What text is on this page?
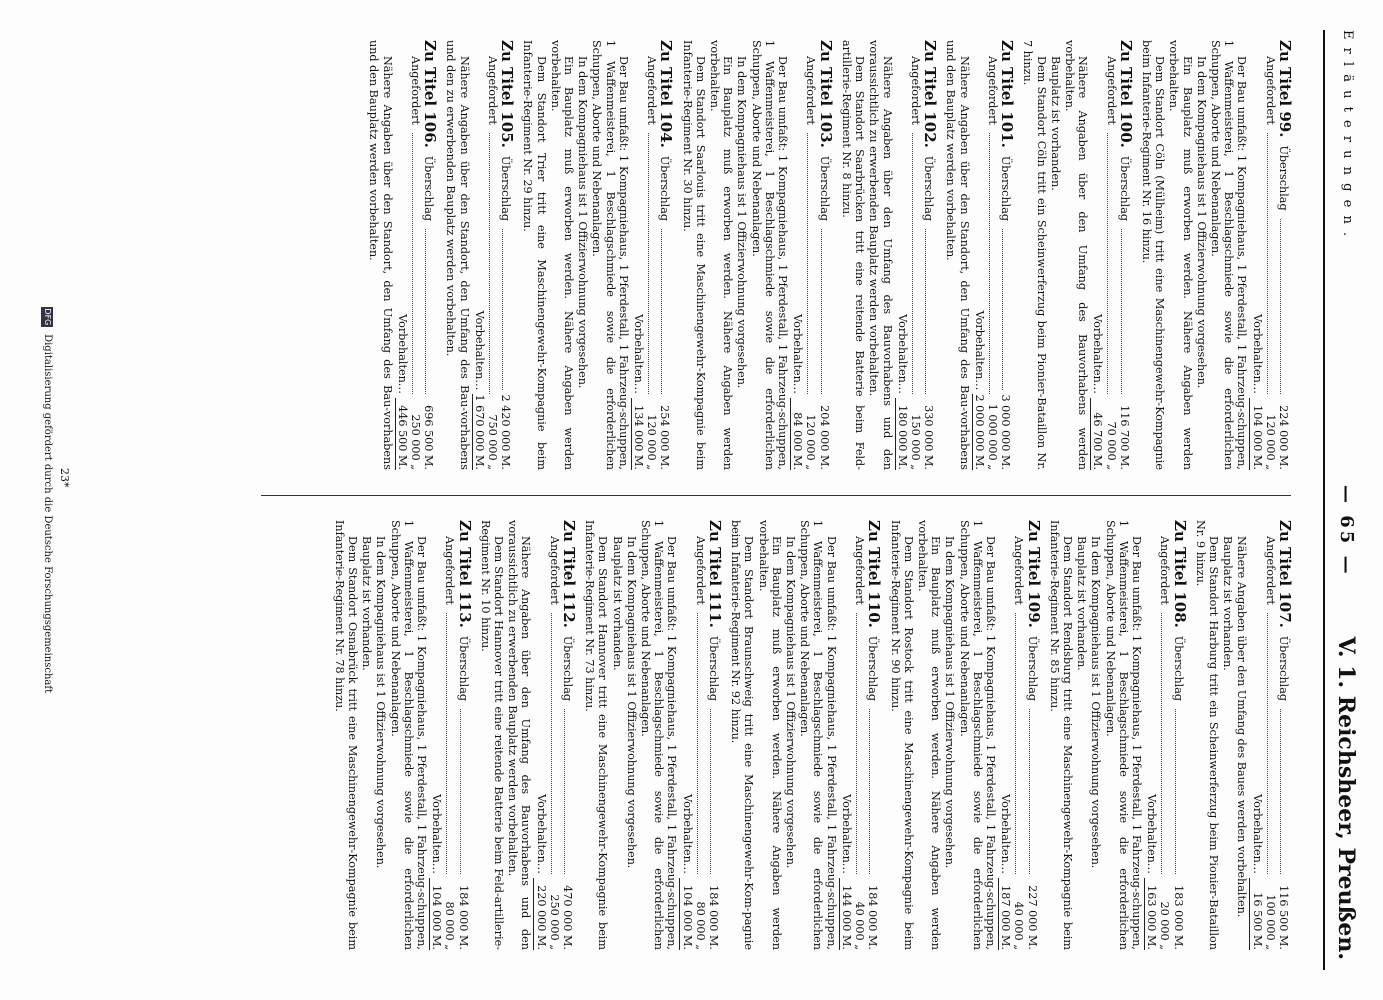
E r l ä u t e r u n g e n .
— 65 —
V. 1. Reichsheer, Preußen.
Zu Titel 99.
Überschlag
224 000 M.
Angefordert
120 000 „
Vorbehalten…
104 000 M.
Der Bau umfaßt: 1 Kompagniehaus, 1 Pferdestall, 1 Fahrzeug-schuppen, 1 Waffenmeisterei, 1 Beschlagschmiede sowie die erforderlichen Schuppen, Aborte und Nebenanlagen.
In dem Kompagniehaus ist 1 Offizierwohnung vorgesehen.
Ein Bauplatz muß erworben werden. Nähere Angaben werden vorbehalten.
Dem Standort Cöln (Mülheim) tritt eine Maschinengewehr-Kompagnie beim Infanterie-Regiment Nr. 16 hinzu.
Zu Titel 100.
Überschlag
116 700 M.
Angefordert
70 000 „
Vorbehalten…
46 700 M.
Nähere Angaben über den Umfang des Bauvorhabens werden vorbehalten.
Bauplatz ist vorhanden.
Dem Standort Cöln tritt ein Scheinwerferzug beim Pionier-Bataillon Nr. 7 hinzu.
Zu Titel 101.
Überschlag
3 000 000 M.
Angefordert
1 000 000 „
Vorbehalten…
2 000 000 M.
Nähere Angaben über den Standort, den Umfang des Bau-vorhabens und den Bauplatz werden vorbehalten.
Zu Titel 102.
Überschlag
330 000 M.
Angefordert
150 000 „
Vorbehalten…
180 000 M.
Nähere Angaben über den Umfang des Bauvorhabens und den voraussichtlich zu erwerbenden Bauplatz werden vorbehalten.
Dem Standort Saarbrücken tritt eine reitende Batterie beim Feld-artillerie-Regiment Nr. 8 hinzu.
Zu Titel 103.
Überschlag
204 000 M.
Angefordert
120 000 „
Vorbehalten…
84 000 M.
Der Bau umfaßt: 1 Kompagniehaus, 1 Pferdestall, 1 Fahrzeug-schuppen, 1 Waffenmeisterei, 1 Beschlagschmiede sowie die erforderlichen Schuppen, Aborte und Nebenanlagen.
In dem Kompagniehaus ist 1 Offizierwohnung vorgesehen.
Ein Bauplatz muß erworben werden. Nähere Angaben werden vorbehalten.
Dem Standort Saarlouis tritt eine Maschinengewehr-Kompagnie beim Infanterie-Regiment Nr. 30 hinzu.
Zu Titel 104.
Überschlag
254 000 M.
Angefordert
120 000 „
Vorbehalten…
134 000 M.
Der Bau umfaßt: 1 Kompagniehaus, 1 Pferdestall, 1 Fahrzeug-schuppen, 1 Waffenmeisterei, 1 Beschlagschmiede sowie die erforderlichen Schuppen, Aborte und Nebenanlagen.
In dem Kompagniehaus ist 1 Offizierwohnung vorgesehen.
Ein Bauplatz muß erworben werden. Nähere Angaben werden vorbehalten.
Dem Standort Trier tritt eine Maschinengewehr-Kompagnie beim Infanterie-Regiment Nr. 29 hinzu.
Zu Titel 105.
Überschlag
2 420 000 M.
Angefordert
750 000 „
Vorbehalten…
1 670 000 M.
Nähere Angaben über den Standort, den Umfang des Bau-vorhabens und den zu erwerbenden Bauplatz werden vorbehalten.
Zu Titel 106.
Überschlag
696 500 M.
Angefordert
250 000 „
Vorbehalten…
446 500 M.
Nähere Angaben über den Standort, den Umfang des Bau-vorhabens und den Bauplatz werden vorbehalten.
Zu Titel 107.
Überschlag
116 500 M.
Angefordert
100 000 „
Vorbehalten…
16 500 M.
Nähere Angaben über den Umfang des Baues werden vorbehalten.
Bauplatz ist vorhanden.
Dem Standort Harburg tritt ein Scheinwerferzug beim Pionier-Bataillon Nr. 9 hinzu.
Zu Titel 108.
Überschlag
183 000 M.
Angefordert
20 000 „
Vorbehalten…
163 000 M.
Der Bau umfaßt: 1 Kompagniehaus, 1 Pferdestall, 1 Fahrzeug-schuppen, 1 Waffenmeisterei, 1 Beschlagschmiede sowie die erforderlichen Schuppen, Aborte und Nebenanlagen.
In dem Kompagniehaus ist 1 Offizierwohnung vorgesehen.
Bauplatz ist vorhanden.
Dem Standort Rendsburg tritt eine Maschinengewehr-Kompagnie beim Infanterie-Regiment Nr. 85 hinzu.
Zu Titel 109.
Überschlag
227 000 M.
Angefordert
40 000 „
Vorbehalten…
187 000 M.
Der Bau umfaßt: 1 Kompagniehaus, 1 Pferdestall, 1 Fahrzeug-schuppen, 1 Waffenmeisterei, 1 Beschlagschmiede sowie die erforderlichen Schuppen, Aborte und Nebenanlagen.
In dem Kompagniehaus ist 1 Offizierwohnung vorgesehen.
Ein Bauplatz muß erworben werden. Nähere Angaben werden vorbehalten.
Dem Standort Rostock tritt eine Maschinengewehr-Kompagnie beim Infanterie-Regiment Nr. 90 hinzu.
Zu Titel 110.
Überschlag
184 000 M.
Angefordert
40 000 „
Vorbehalten…
144 000 M.
Der Bau umfaßt: 1 Kompagniehaus, 1 Pferdestall, 1 Fahrzeug-schuppen, 1 Waffenmeisterei, 1 Beschlagschmiede sowie die erforderlichen Schuppen, Aborte und Nebenanlagen.
In dem Kompagniehaus ist 1 Offizierwohnung vorgesehen.
Ein Bauplatz muß erworben werden. Nähere Angaben werden vorbehalten.
Dem Standort Braunschweig tritt eine Maschinengewehr-Kom-pagnie beim Infanterie-Regiment Nr. 92 hinzu.
Zu Titel 111.
Überschlag
184 000 M.
Angefordert
80 000 „
Vorbehalten…
104 000 M.
Der Bau umfaßt: 1 Kompagniehaus, 1 Pferdestall, 1 Fahrzeug-schuppen, 1 Waffenmeisterei, 1 Beschlagschmiede sowie die erforderlichen Schuppen, Aborte und Nebenanlagen.
In dem Kompagniehaus ist 1 Offizierwohnung vorgesehen.
Bauplatz ist vorhanden.
Dem Standort Hannover tritt eine Maschinengewehr-Kompagnie beim Infanterie-Regiment Nr. 73 hinzu.
Zu Titel 112.
Überschlag
470 000 M.
Angefordert
250 000 „
Vorbehalten…
220 000 M.
Nähere Angaben über den Umfang des Bauvorhabens und den voraussichtlich zu erwerbenden Bauplatz werden vorbehalten.
Dem Standort Hannover tritt eine reitende Batterie beim Feld-artillerie-Regiment Nr. 10 hinzu.
Zu Titel 113.
Überschlag
184 000 M.
Angefordert
80 000 „
Vorbehalten…
104 000 M.
Der Bau umfaßt: 1 Kompagniehaus, 1 Pferdestall, 1 Fahrzeug-schuppen, 1 Waffenmeisterei, 1 Beschlagschmiede sowie die erforderlichen Schuppen, Aborte und Nebenanlagen.
In dem Kompagniehaus ist 1 Offizierwohnung vorgesehen.
Bauplatz ist vorhanden.
Dem Standort Osnabrück tritt eine Maschinengewehr-Kompagnie beim Infanterie-Regiment Nr. 78 hinzu.
23*
DFG Digitalisierung gefördert durch die Deutsche Forschungsgemeinschaft
